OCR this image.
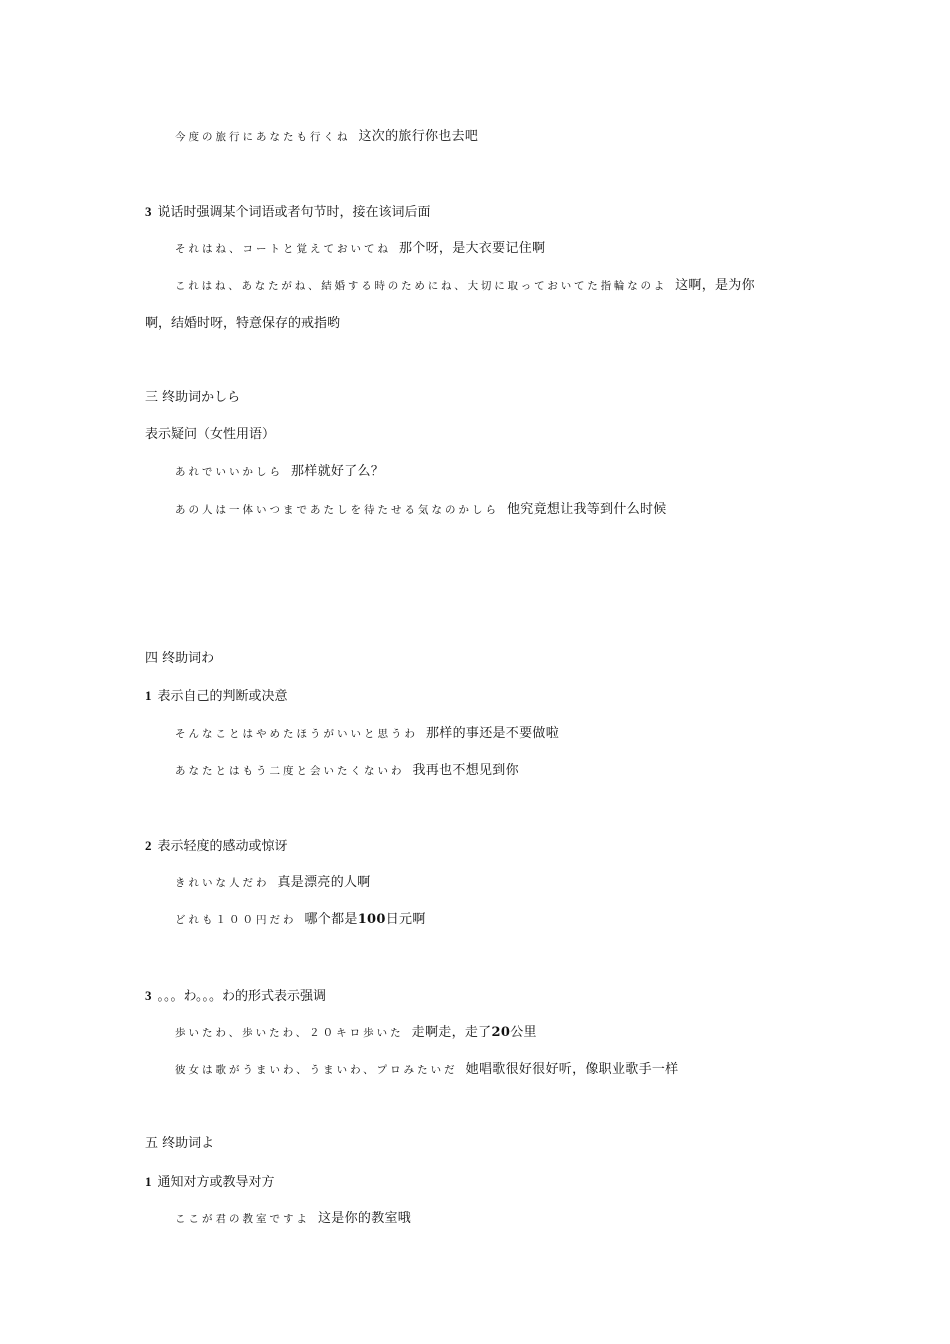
今度の旅行にあなたも行くね 这次的旅行你也去吧
3 说话时强调某个词语或者句节时，接在该词后面
それはね、コートと覚えておいてね 那个呀，是大衣要记住啊
これはね、あなたがね、結婚する時のためにね、大切に取っておいてた指輪なのよ 这啊，是为你
啊，结婚时呀，特意保存的戒指哟
三 终助词かしら
表示疑问（女性用语）
あれでいいかしら 那样就好了么？
あの人は一体いつまであたしを待たせる気なのかしら 他究竟想让我等到什么时候
四 终助词わ
1 表示自己的判断或决意
そんなことはやめたほうがいいと思うわ 那样的事还是不要做啦
あなたとはもう二度と会いたくないわ 我再也不想见到你
2 表示轻度的感动或惊讶
きれいな人だわ 真是漂亮的人啊
どれも１００円だわ 哪个都是100日元啊
3 。。。わ。。。わ的形式表示强调
歩いたわ、歩いたわ、２０キロ歩いた 走啊走，走了20公里
彼女は歌がうまいわ、うまいわ、プロみたいだ 她唱歌很好很好听，像职业歌手一样
五 终助词よ
1 通知对方或教导对方
ここが君の教室ですよ 这是你的教室哦
